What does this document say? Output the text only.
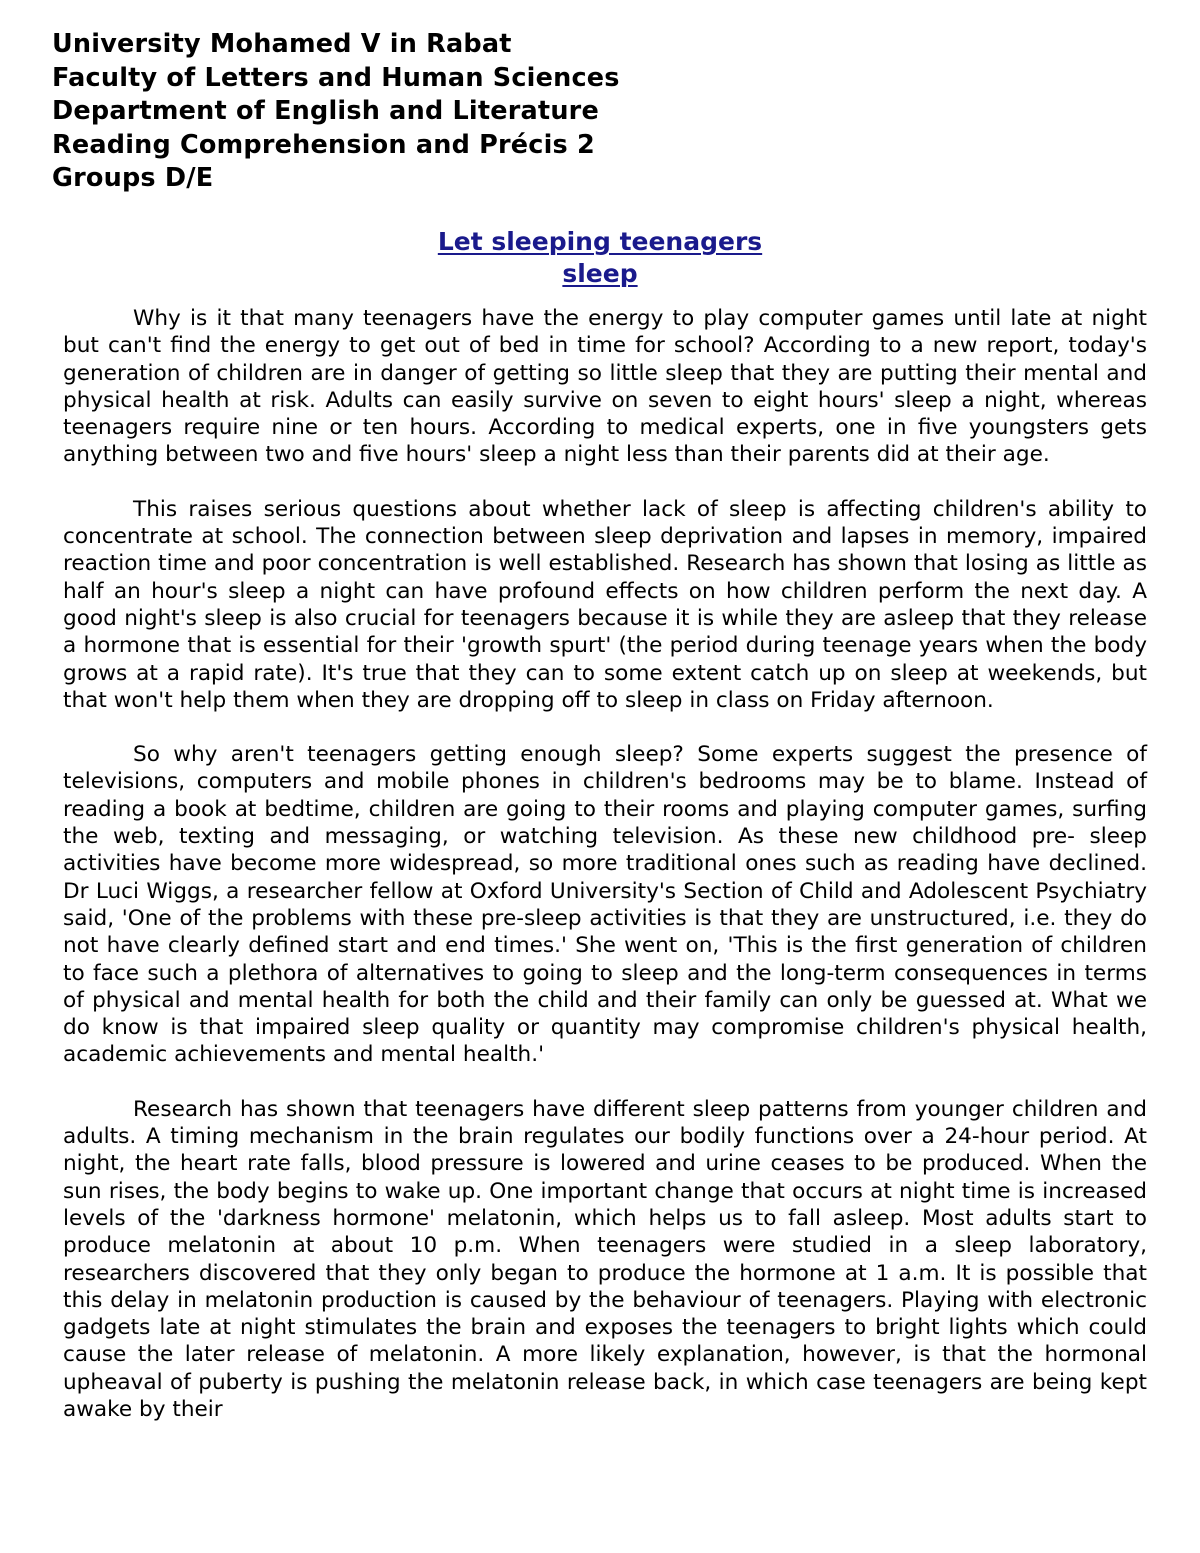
University Mohamed V in Rabat
Faculty of Letters and Human Sciences
Department of English and Literature
Reading Comprehension and Précis 2
Groups D/E
Let sleeping teenagers
sleep

Why is it that many teenagers have the energy to play computer games until late at night but can't find the energy to get out of bed in time for school? According to a new report, today's generation of children are in danger of getting so little sleep that they are putting their mental and physical health at risk. Adults can easily survive on seven to eight hours' sleep a night, whereas teenagers require nine or ten hours. According to medical experts, one in five youngsters gets anything between two and five hours' sleep a night less than their parents did at their age.

This raises serious questions about whether lack of sleep is affecting children's ability to concentrate at school. The connection between sleep deprivation and lapses in memory, impaired reaction time and poor concentration is well established. Research has shown that losing as little as half an hour's sleep a night can have profound effects on how children perform the next day. A good night's sleep is also crucial for teenagers because it is while they are asleep that they release a hormone that is essential for their 'growth spurt' (the period during teenage years when the body grows at a rapid rate). It's true that they can to some extent catch up on sleep at weekends, but that won't help them when they are dropping off to sleep in class on Friday afternoon.

So why aren't teenagers getting enough sleep? Some experts suggest the presence of televisions, computers and mobile phones in children's bedrooms may be to blame. Instead of reading a book at bedtime, children are going to their rooms and playing computer games, surfing the web, texting and messaging, or watching television. As these new childhood pre- sleep activities have become more widespread, so more traditional ones such as reading have declined. Dr Luci Wiggs, a researcher fellow at Oxford University's Section of Child and Adolescent Psychiatry said, 'One of the problems with these pre-sleep activities is that they are unstructured, i.e. they do not have clearly defined start and end times.' She went on, 'This is the first generation of children to face such a plethora of alternatives to going to sleep and the long-term consequences in terms of physical and mental health for both the child and their family can only be guessed at. What we do know is that impaired sleep quality or quantity may compromise children's physical health, academic achievements and mental health.'

Research has shown that teenagers have different sleep patterns from younger children and adults. A timing mechanism in the brain regulates our bodily functions over a 24-hour period. At night, the heart rate falls, blood pressure is lowered and urine ceases to be produced. When the sun rises, the body begins to wake up. One important change that occurs at night time is increased levels of the 'darkness hormone' melatonin, which helps us to fall asleep. Most adults start to produce melatonin at about 10 p.m. When teenagers were studied in a sleep laboratory, researchers discovered that they only began to produce the hormone at 1 a.m. It is possible that this delay in melatonin production is caused by the behaviour of teenagers. Playing with electronic gadgets late at night stimulates the brain and exposes the teenagers to bright lights which could cause the later release of melatonin. A more likely explanation, however, is that the hormonal upheaval of puberty is pushing the melatonin release back, in which case teenagers are being kept awake by their
